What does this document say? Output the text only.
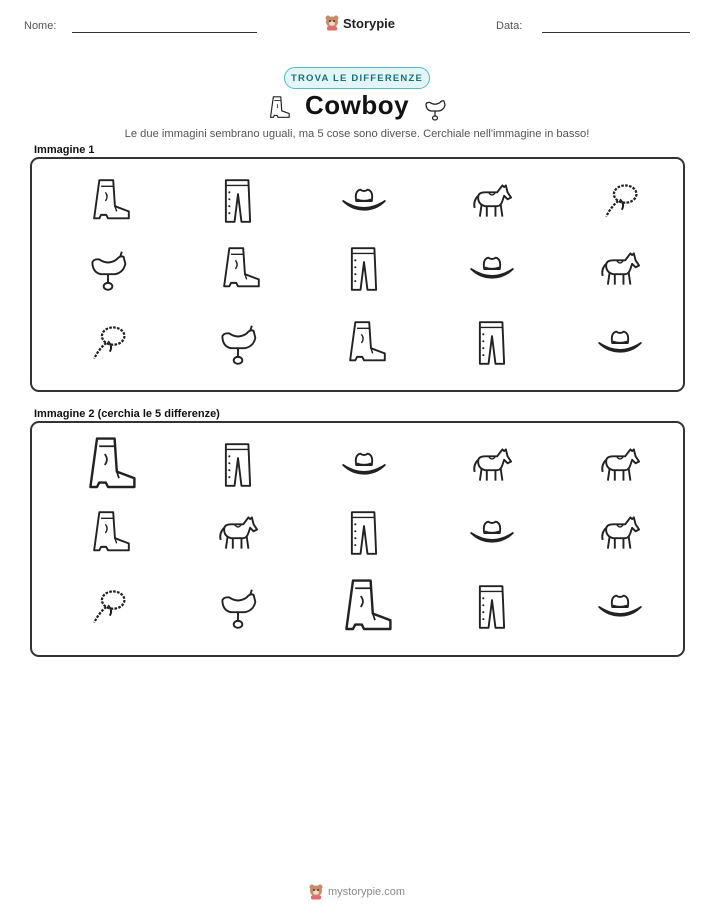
Nome:	Storypie	Data:
TROVA LE DIFFERENZE
Cowboy
Le due immagini sembrano uguali, ma 5 cose sono diverse. Cerchiale nell'immagine in basso!
Immagine 1
Immagine 2 (cerchia le 5 differenze)
mystorypie.com
